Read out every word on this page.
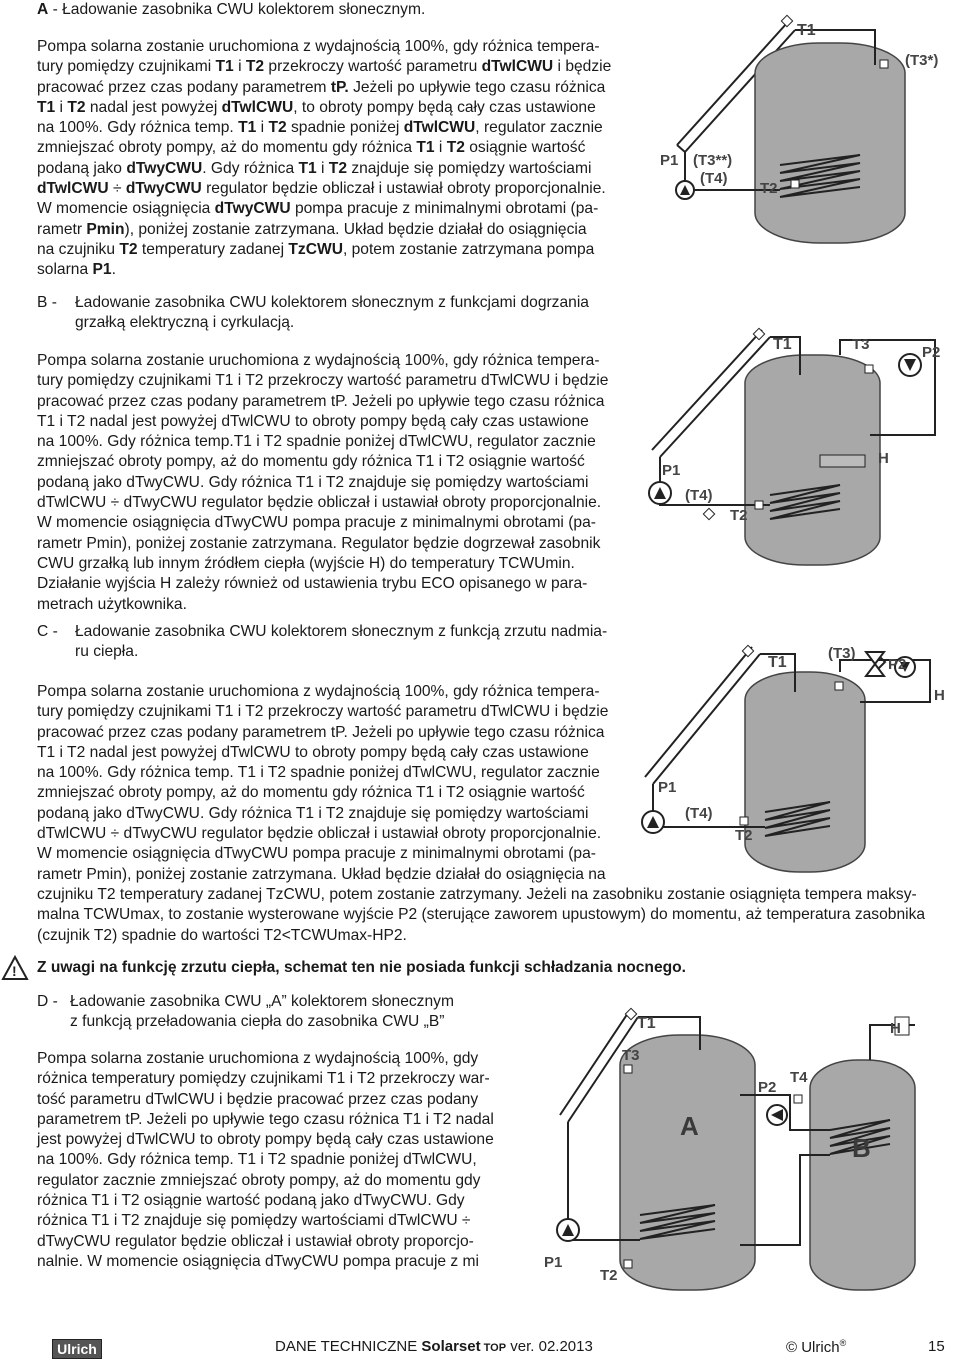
A - Ładowanie zasobnika CWU kolektorem słonecznym.
Pompa solarna zostanie uruchomiona z wydajnością 100%, gdy różnica tempera-
tury pomiędzy czujnikami T1 i T2 przekroczy wartość parametru dTwlCWU i będzie
pracować przez czas podany parametrem tP. Jeżeli po upływie tego czasu różnica
T1 i T2 nadal jest powyżej dTwlCWU, to obroty pompy będą cały czas ustawione
na 100%. Gdy różnica temp. T1 i T2 spadnie poniżej dTwlCWU, regulator zacznie
zmniejszać obroty pompy, aż do momentu gdy różnica T1 i T2 osiągnie wartość
podaną jako dTwyCWU. Gdy różnica T1 i T2 znajduje się pomiędzy wartościami
dTwlCWU ÷ dTwyCWU regulator będzie obliczał i ustawiał obroty proporcjonalnie.
W momencie osiągnięcia dTwyCWU pompa pracuje z minimalnymi obrotami (pa-
rametr Pmin), poniżej zostanie zatrzymana. Układ będzie działał do osiągnięcia
na czujniku T2 temperatury zadanej TzCWU, potem zostanie zatrzymana pompa
solarna P1.
T1
(T3*)
P1 (T3**)
(T4)
T2
B - Ładowanie zasobnika CWU kolektorem słonecznym z funkcjami dogrzania
grzałką elektryczną i cyrkulacją.
Pompa solarna zostanie uruchomiona z wydajnością 100%, gdy różnica tempera-
tury pomiędzy czujnikami T1 i T2 przekroczy wartość parametru dTwlCWU i będzie
pracować przez czas podany parametrem tP. Jeżeli po upływie tego czasu różnica
T1 i T2 nadal jest powyżej dTwlCWU to obroty pompy będą cały czas ustawione
na 100%. Gdy różnica temp.T1 i T2 spadnie poniżej dTwlCWU, regulator zacznie
zmniejszać obroty pompy, aż do momentu gdy różnica T1 i T2 osiągnie wartość
podaną jako dTwyCWU. Gdy różnica T1 i T2 znajduje się pomiędzy wartościami
dTwlCWU ÷ dTwyCWU regulator będzie obliczał i ustawiał obroty proporcjonalnie.
W momencie osiągnięcia dTwyCWU pompa pracuje z minimalnymi obrotami (pa-
rametr Pmin), poniżej zostanie zatrzymana. Regulator będzie dogrzewał zasobnik
CWU grzałką lub innym źródłem ciepła (wyjście H) do temperatury TCWUmin.
Działanie wyjścia H zależy również od ustawienia trybu ECO opisanego w para-
metrach użytkownika.
T1	T3	P2
P1
H
(T4)
T2
C - Ładowanie zasobnika CWU kolektorem słonecznym z funkcją zrzutu nadmia-
ru ciepła.
Pompa solarna zostanie uruchomiona z wydajnością 100%, gdy różnica tempera-
tury pomiędzy czujnikami T1 i T2 przekroczy wartość parametru dTwlCWU i będzie
pracować przez czas podany parametrem tP. Jeżeli po upływie tego czasu różnica
T1 i T2 nadal jest powyżej dTwlCWU to obroty pompy będą cały czas ustawione
na 100%. Gdy różnica temp. T1 i T2 spadnie poniżej dTwlCWU, regulator zacznie
zmniejszać obroty pompy, aż do momentu gdy różnica T1 i T2 osiągnie wartość
podaną jako dTwyCWU. Gdy różnica T1 i T2 znajduje się pomiędzy wartościami
dTwlCWU ÷ dTwyCWU regulator będzie obliczał i ustawiał obroty proporcjonalnie.
W momencie osiągnięcia dTwyCWU pompa pracuje z minimalnymi obrotami (pa-
rametr Pmin), poniżej zostanie zatrzymana. Układ będzie działał do osiągnięcia na
czujniku T2 temperatury zadanej TzCWU, potem zostanie zatrzymany. Jeżeli na zasobniku zostanie osiągnięta tempera maksy-
malna TCWUmax, to zostanie wysterowane wyjście P2 (sterujące zaworem upustowym) do momentu, aż temperatura zasobnika
(czujnik T2) spadnie do wartości T2<TCWUmax-HP2.
T1
(T3)
P2
H
P1
(T4)
T2
! Z uwagi na funkcję zrzutu ciepła, schemat ten nie posiada funkcji schładzania nocnego.
D - Ładowanie zasobnika CWU „A” kolektorem słonecznym
z funkcją przeładowania ciepła do zasobnika CWU „B”
Pompa solarna zostanie uruchomiona z wydajnością 100%, gdy
różnica temperatury pomiędzy czujnikami T1 i T2 przekroczy war-
tość parametru dTwlCWU i będzie pracować przez czas podany
parametrem tP. Jeżeli po upływie tego czasu różnica T1 i T2 nadal
jest powyżej dTwlCWU to obroty pompy będą cały czas ustawione
na 100%. Gdy różnica temp. T1 i T2 spadnie poniżej dTwlCWU,
regulator zacznie zmniejszać obroty pompy, aż do momentu gdy
różnica T1 i T2 osiągnie wartość podaną jako dTwyCWU. Gdy
różnica T1 i T2 znajduje się pomiędzy wartościami dTwlCWU ÷
dTwyCWU regulator będzie obliczał i ustawiał obroty proporcjo-
nalnie. W momencie osiągnięcia dTwyCWU pompa pracuje z mi
T1	H
T3
P2
T4
A
B
P1
T2
Ulrich	DANE TECHNICZNE Solarset TOP ver. 02.2013	© Ulrich®	15
